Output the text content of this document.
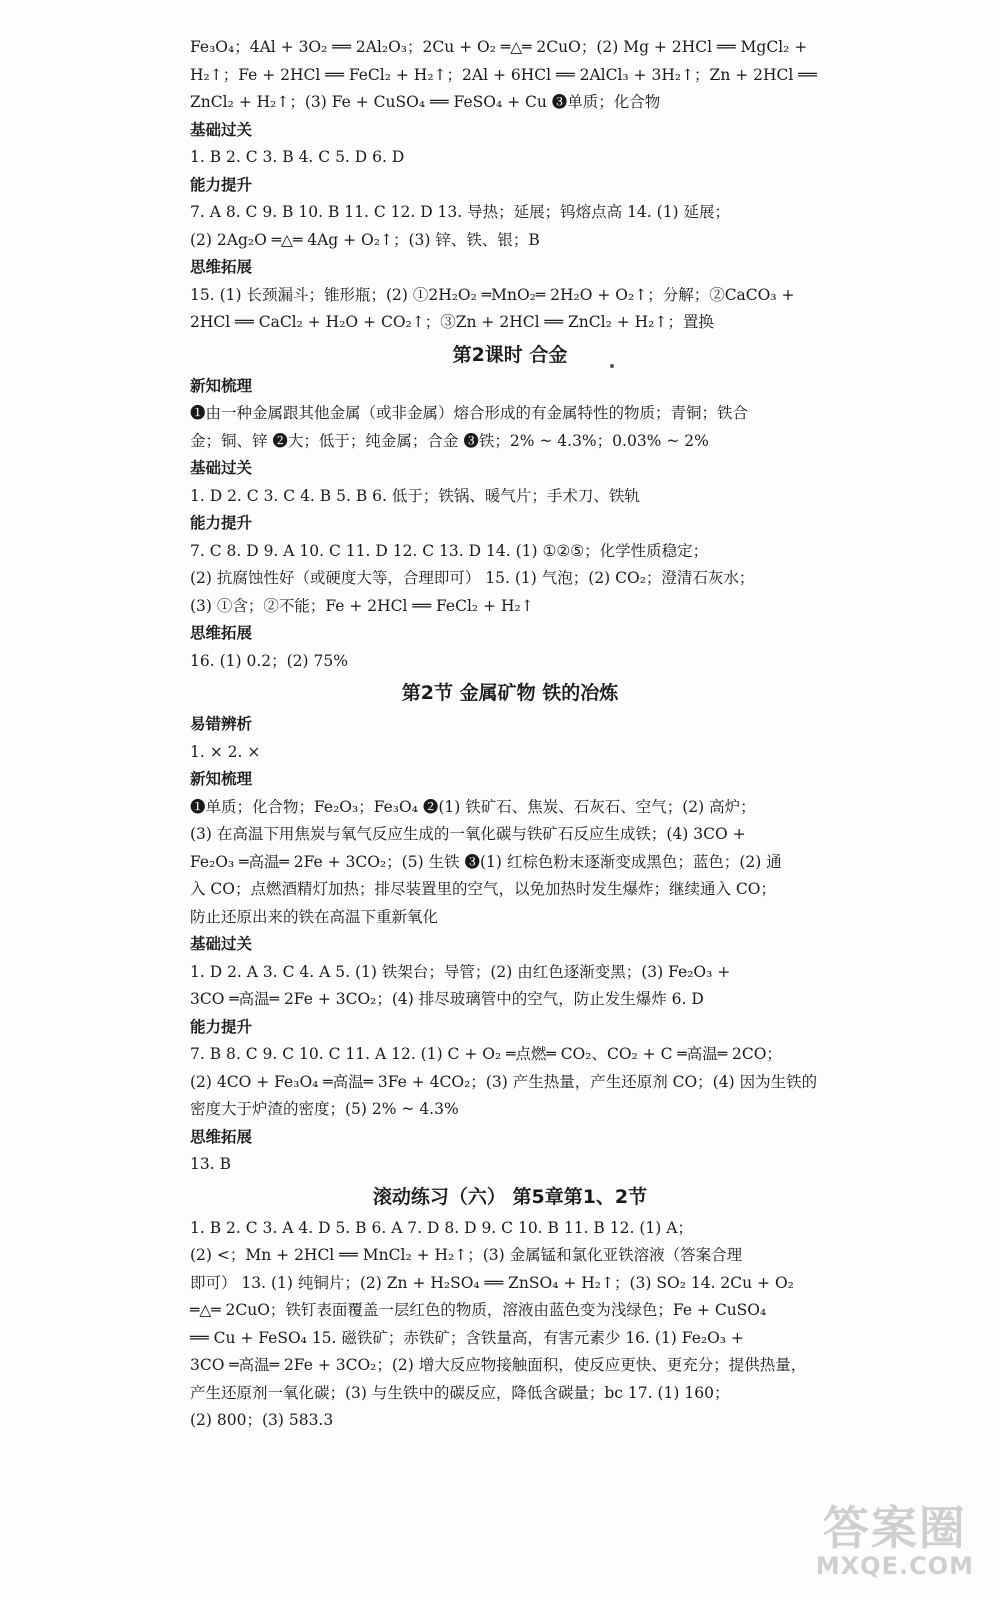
Fe₃O₄；4Al + 3O₂ ══ 2Al₂O₃；2Cu + O₂ ═△═ 2CuO；(2) Mg + 2HCl ══ MgCl₂ +
H₂↑；Fe + 2HCl ══ FeCl₂ + H₂↑；2Al + 6HCl ══ 2AlCl₃ + 3H₂↑；Zn + 2HCl ══
ZnCl₂ + H₂↑；(3) Fe + CuSO₄ ══ FeSO₄ + Cu ❸单质；化合物
基础过关
1. B 2. C 3. B 4. C 5. D 6. D
能力提升
7. A 8. C 9. B 10. B 11. C 12. D 13. 导热；延展；钨熔点高 14. (1) 延展；
(2) 2Ag₂O ═△═ 4Ag + O₂↑；(3) 锌、铁、银；B
思维拓展
15. (1) 长颈漏斗；锥形瓶；(2) ①2H₂O₂ ═MnO₂═ 2H₂O + O₂↑；分解；②CaCO₃ +
2HCl ══ CaCl₂ + H₂O + CO₂↑；③Zn + 2HCl ══ ZnCl₂ + H₂↑；置换
第2课时 合金
新知梳理
❶由一种金属跟其他金属（或非金属）熔合形成的有金属特性的物质；青铜；铁合
金；铜、锌 ❷大；低于；纯金属；合金 ❸铁；2% ~ 4.3%；0.03% ~ 2%
基础过关
1. D 2. C 3. C 4. B 5. B 6. 低于；铁锅、暖气片；手术刀、铁轨
能力提升
7. C 8. D 9. A 10. C 11. D 12. C 13. D 14. (1) ①②⑤；化学性质稳定；
(2) 抗腐蚀性好（或硬度大等，合理即可） 15. (1) 气泡；(2) CO₂；澄清石灰水；
(3) ①含；②不能；Fe + 2HCl ══ FeCl₂ + H₂↑
思维拓展
16. (1) 0.2；(2) 75%
第2节 金属矿物 铁的冶炼
易错辨析
1. × 2. ×
新知梳理
❶单质；化合物；Fe₂O₃；Fe₃O₄ ❷(1) 铁矿石、焦炭、石灰石、空气；(2) 高炉；
(3) 在高温下用焦炭与氧气反应生成的一氧化碳与铁矿石反应生成铁；(4) 3CO +
Fe₂O₃ ═高温═ 2Fe + 3CO₂；(5) 生铁 ❸(1) 红棕色粉末逐渐变成黑色；蓝色；(2) 通
入 CO；点燃酒精灯加热；排尽装置里的空气，以免加热时发生爆炸；继续通入 CO；
防止还原出来的铁在高温下重新氧化
基础过关
1. D 2. A 3. C 4. A 5. (1) 铁架台；导管；(2) 由红色逐渐变黑；(3) Fe₂O₃ +
3CO ═高温═ 2Fe + 3CO₂；(4) 排尽玻璃管中的空气，防止发生爆炸 6. D
能力提升
7. B 8. C 9. C 10. C 11. A 12. (1) C + O₂ ═点燃═ CO₂、CO₂ + C ═高温═ 2CO；
(2) 4CO + Fe₃O₄ ═高温═ 3Fe + 4CO₂；(3) 产生热量，产生还原剂 CO；(4) 因为生铁的
密度大于炉渣的密度；(5) 2% ~ 4.3%
思维拓展
13. B
滚动练习（六） 第5章第1、2节
1. B 2. C 3. A 4. D 5. B 6. A 7. D 8. D 9. C 10. B 11. B 12. (1) A；
(2) <；Mn + 2HCl ══ MnCl₂ + H₂↑；(3) 金属锰和氯化亚铁溶液（答案合理
即可） 13. (1) 纯铜片；(2) Zn + H₂SO₄ ══ ZnSO₄ + H₂↑；(3) SO₂ 14. 2Cu + O₂
═△═ 2CuO；铁钉表面覆盖一层红色的物质，溶液由蓝色变为浅绿色；Fe + CuSO₄
══ Cu + FeSO₄ 15. 磁铁矿；赤铁矿；含铁量高，有害元素少 16. (1) Fe₂O₃ +
3CO ═高温═ 2Fe + 3CO₂；(2) 增大反应物接触面积，使反应更快、更充分；提供热量，
产生还原剂一氧化碳；(3) 与生铁中的碳反应，降低含碳量；bc 17. (1) 160；
(2) 800；(3) 583.3
答案圈
MXQE.COM
